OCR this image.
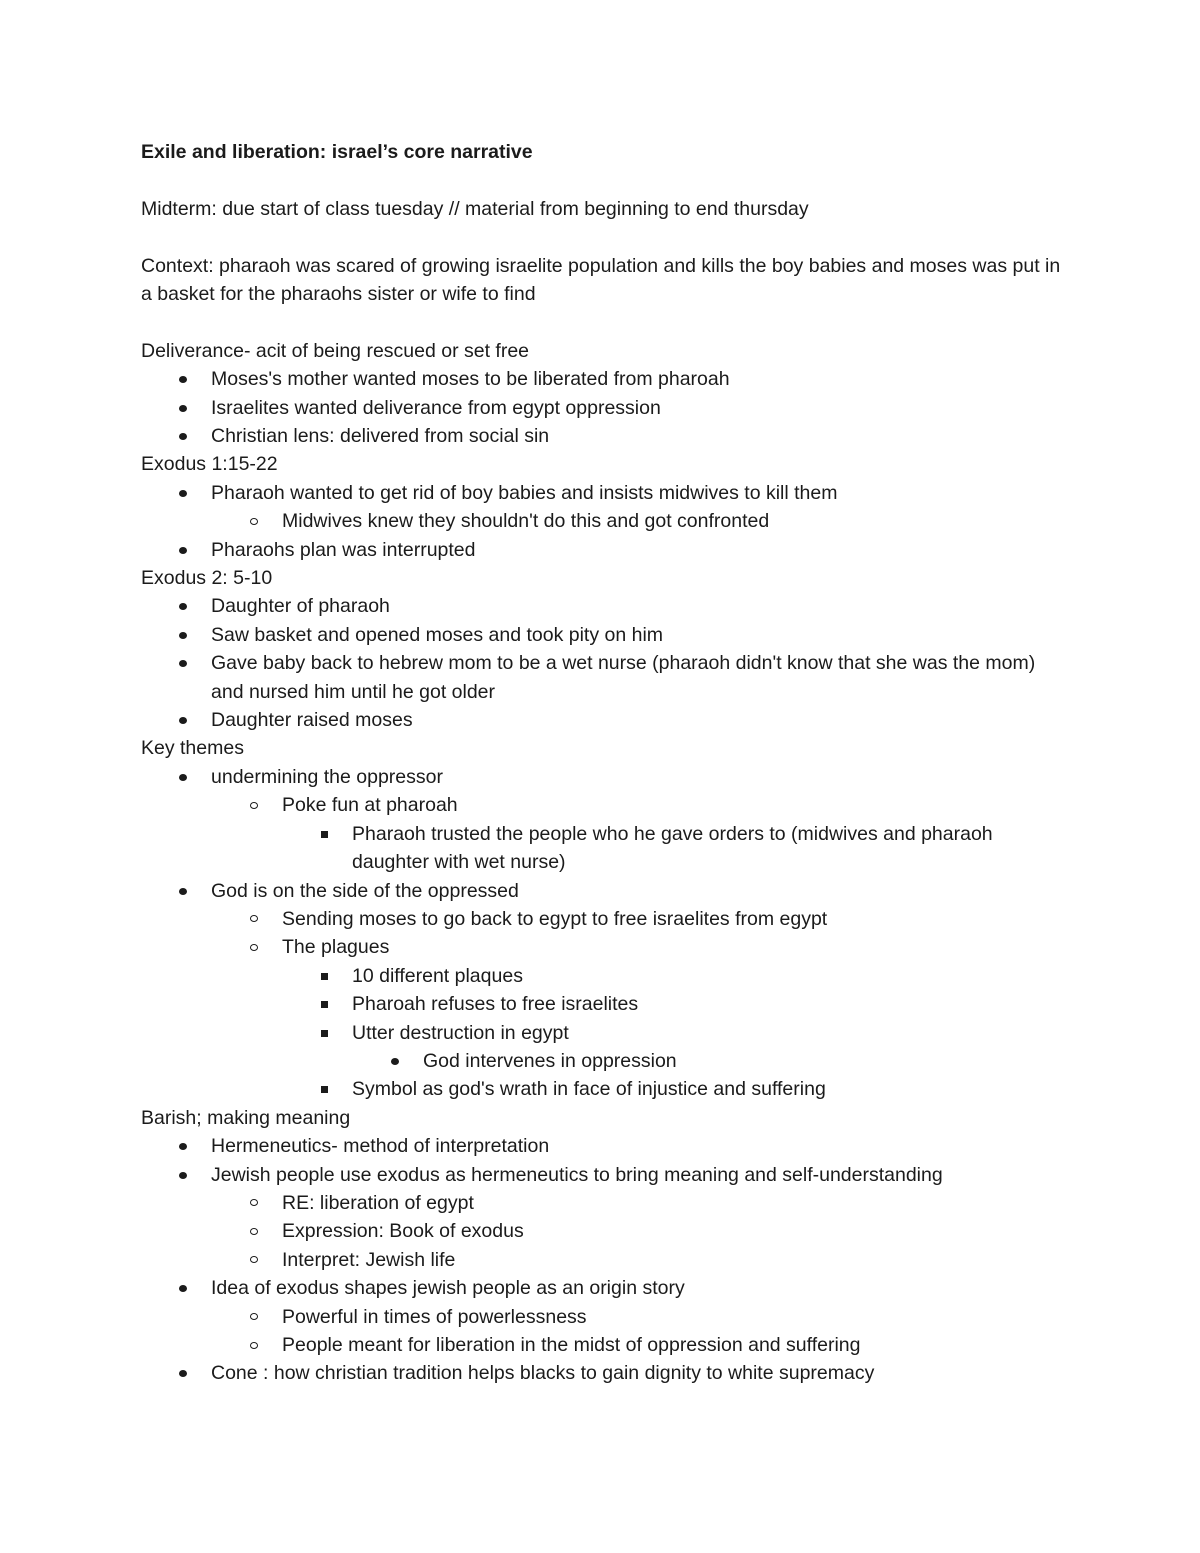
Exile and liberation: israel’s core narrative

Midterm: due start of class tuesday // material from beginning to end thursday

Context: pharaoh was scared of growing israelite population and kills the boy babies and moses was put in a basket for the pharaohs sister or wife to find

Deliverance- acit of being rescued or set free

Moses's mother wanted moses to be liberated from pharoah
Israelites wanted deliverance from egypt oppression
Christian lens: delivered from social sin

Exodus 1:15-22

Pharaoh wanted to get rid of boy babies and insists midwives to kill them
Midwives knew they shouldn't do this and got confronted
Pharaohs plan was interrupted

Exodus 2: 5-10

Daughter of pharaoh
Saw basket and opened moses and took pity on him
Gave baby back to hebrew mom to be a wet nurse (pharaoh didn't know that she was the mom) and nursed him until he got older
Daughter raised moses

Key themes

undermining the oppressor
Poke fun at pharoah
Pharaoh trusted the people who he gave orders to (midwives and pharaoh daughter with wet nurse)
God is on the side of the oppressed
Sending moses to go back to egypt to free israelites from egypt
The plagues
10 different plaques
Pharoah refuses to free israelites
Utter destruction in egypt
God intervenes in oppression
Symbol as god's wrath in face of injustice and suffering

Barish; making meaning

Hermeneutics- method of interpretation
Jewish people use exodus as hermeneutics to bring meaning and self-understanding
RE: liberation of egypt
Expression: Book of exodus
Interpret: Jewish life
Idea of exodus shapes jewish people as an origin story
Powerful in times of powerlessness
People meant for liberation in the midst of oppression and suffering
Cone : how christian tradition helps blacks to gain dignity to white supremacy
